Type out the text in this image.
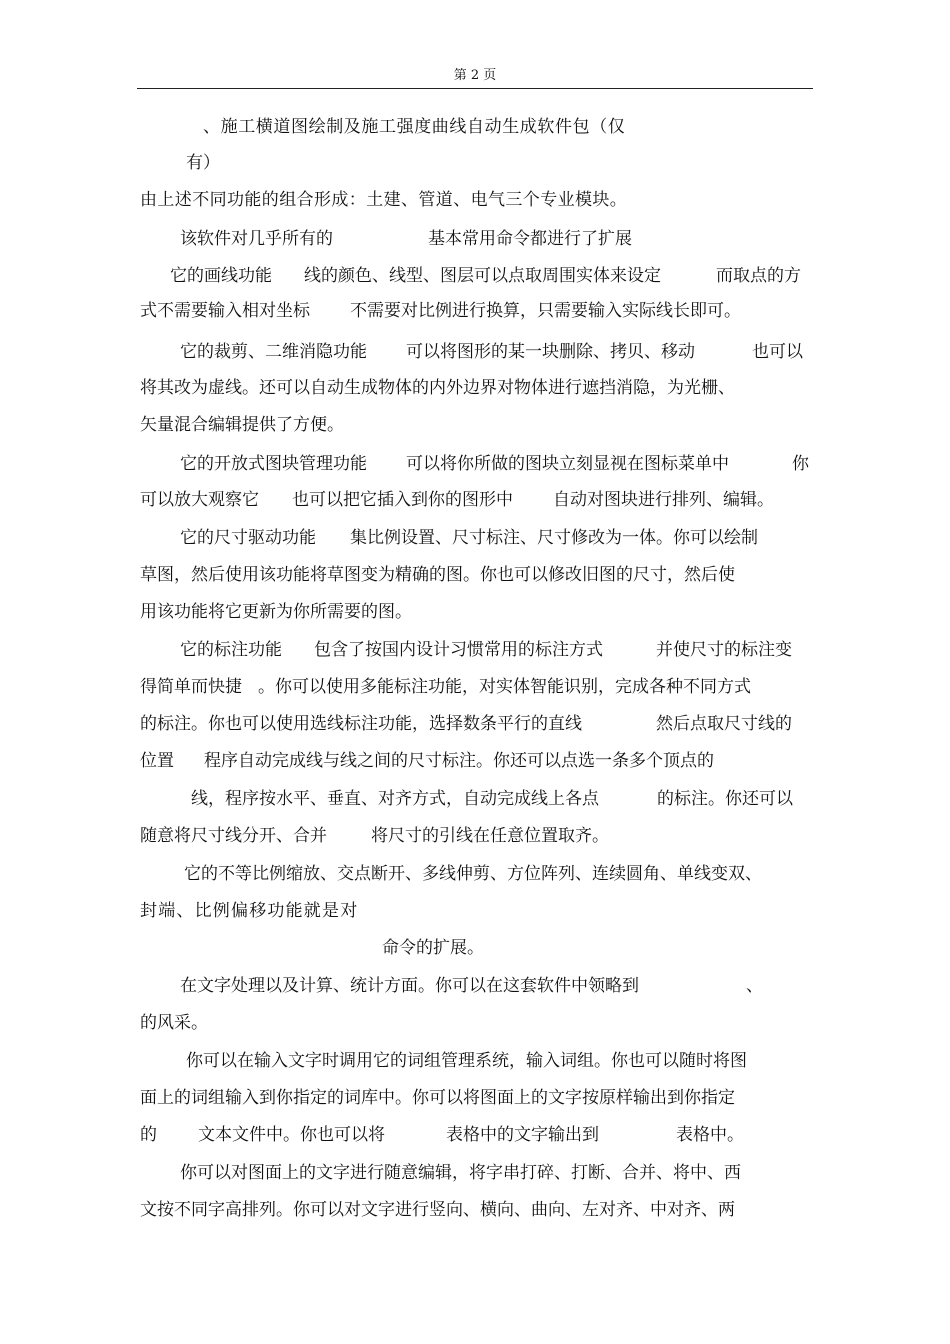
第 2 页
、施工横道图绘制及施工强度曲线自动生成软件包（仅
有）
由上述不同功能的组合形成：土建、管道、电气三个专业模块。
该软件对几乎所有的	基本常用命令都进行了扩展
它的画线功能 线的颜色、线型、图层可以点取周围实体来设定	而取点的方
式不需要输入相对坐标 不需要对比例进行换算，只需要输入实际线长即可。
它的裁剪、二维消隐功能 可以将图形的某一块删除、拷贝、移动	也可以
将其改为虚线。还可以自动生成物体的内外边界对物体进行遮挡消隐，为光栅、
矢量混合编辑提供了方便。
它的开放式图块管理功能 可以将你所做的图块立刻显视在图标菜单中	你
可以放大观察它 也可以把它插入到你的图形中 自动对图块进行排列、编辑。
它的尺寸驱动功能 集比例设置、尺寸标注、尺寸修改为一体。你可以绘制
草图，然后使用该功能将草图变为精确的图。你也可以修改旧图的尺寸，然后使
用该功能将它更新为你所需要的图。
它的标注功能 包含了按国内设计习惯常用的标注方式	并使尺寸的标注变
得简单而快捷 。你可以使用多能标注功能，对实体智能识别，完成各种不同方式
的标注。你也可以使用选线标注功能，选择数条平行的直线	然后点取尺寸线的
位置 程序自动完成线与线之间的尺寸标注。你还可以点选一条多个顶点的
线，程序按水平、垂直、对齐方式，自动完成线上各点	的标注。你还可以
随意将尺寸线分开、合并	将尺寸的引线在任意位置取齐。
它的不等比例缩放、交点断开、多线伸剪、方位阵列、连续圆角、单线变双、
封端、比例偏移功能就是对
命令的扩展。
在文字处理以及计算、统计方面。你可以在这套软件中领略到	、
的风采。
你可以在输入文字时调用它的词组管理系统，输入词组。你也可以随时将图
面上的词组输入到你指定的词库中。你可以将图面上的文字按原样输出到你指定
的 文本文件中。你也可以将	表格中的文字输出到	表格中。
你可以对图面上的文字进行随意编辑，将字串打碎、打断、合并、将中、西
文按不同字高排列。你可以对文字进行竖向、横向、曲向、左对齐、中对齐、两
